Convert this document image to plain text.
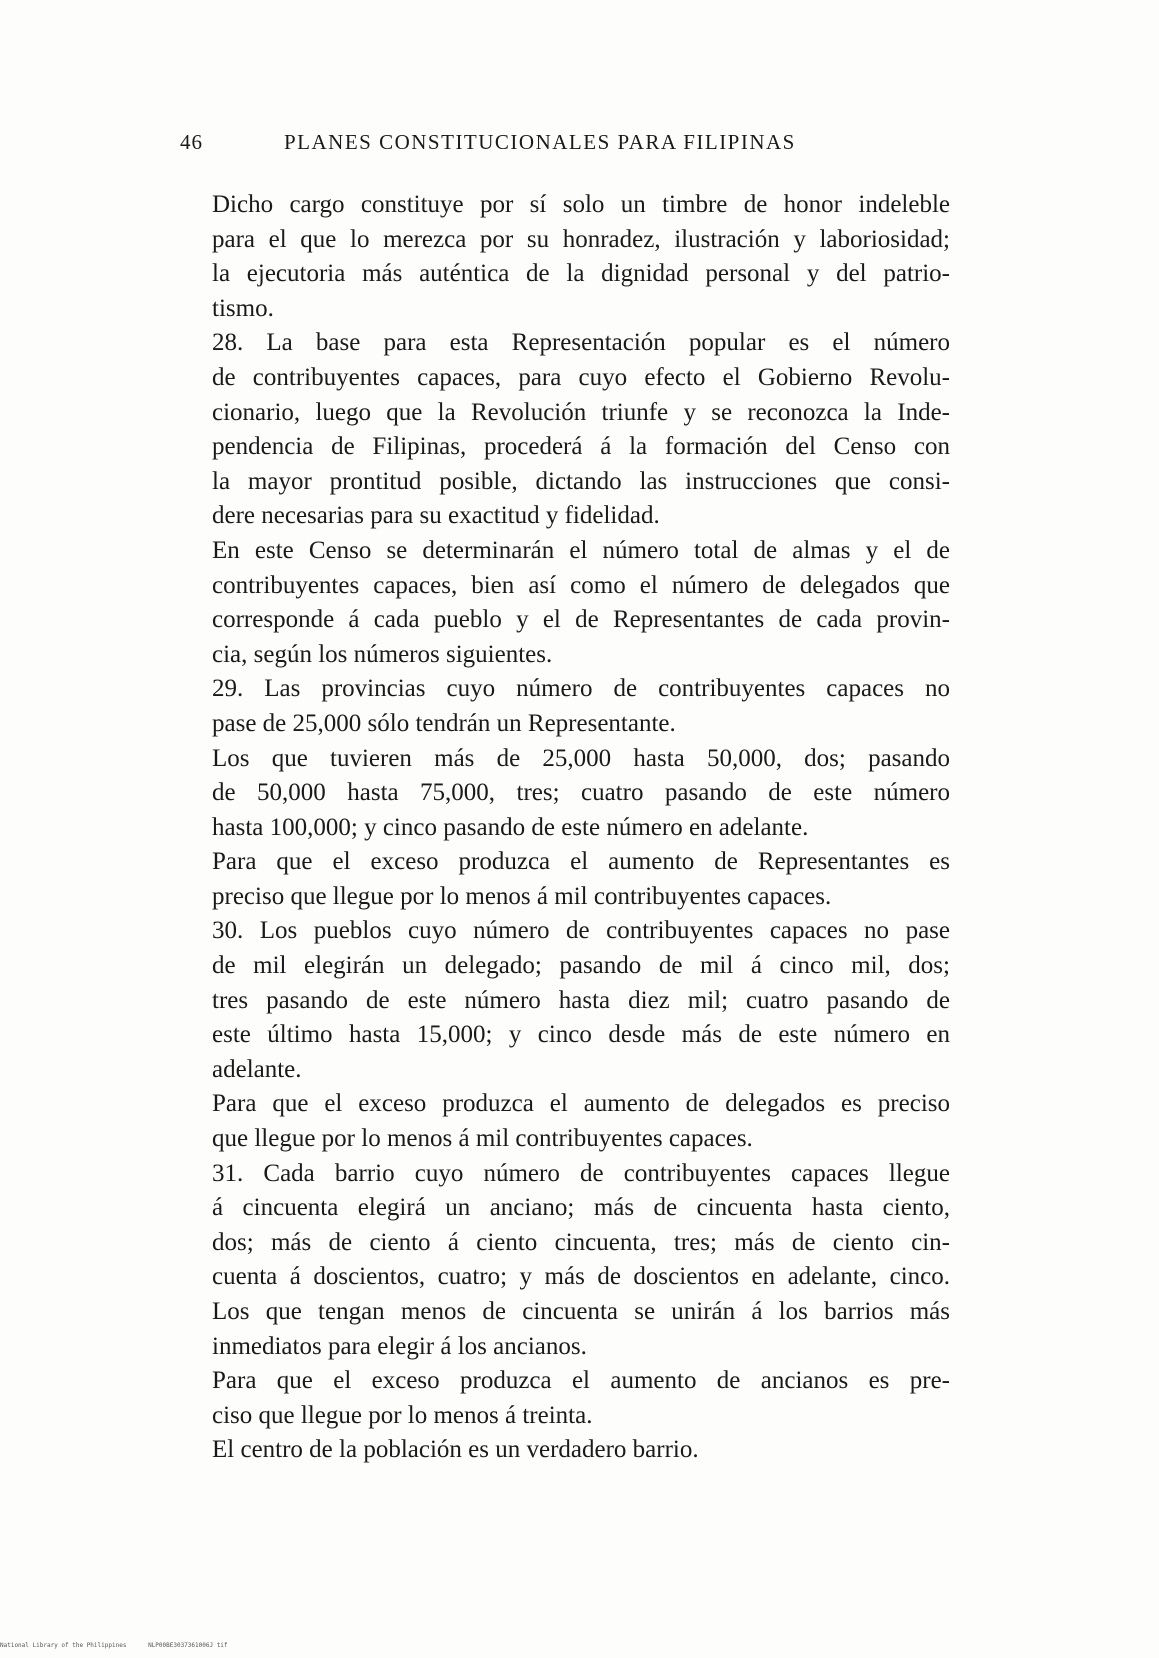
46	PLANES CONSTITUCIONALES PARA FILIPINAS

Dicho cargo constituye por sí solo un timbre de honor indeleble
para el que lo merezca por su honradez, ilustración y laboriosidad;
la ejecutoria más auténtica de la dignidad personal y del patrio-
tismo.

28. La base para esta Representación popular es el número
de contribuyentes capaces, para cuyo efecto el Gobierno Revolu-
cionario, luego que la Revolución triunfe y se reconozca la Inde-
pendencia de Filipinas, procederá á la formación del Censo con
la mayor prontitud posible, dictando las instrucciones que consi-
dere necesarias para su exactitud y fidelidad.

En este Censo se determinarán el número total de almas y el de
contribuyentes capaces, bien así como el número de delegados que
corresponde á cada pueblo y el de Representantes de cada provin-
cia, según los números siguientes.

29. Las provincias cuyo número de contribuyentes capaces no
pase de 25,000 sólo tendrán un Representante.

Los que tuvieren más de 25,000 hasta 50,000, dos; pasando
de 50,000 hasta 75,000, tres; cuatro pasando de este número
hasta 100,000; y cinco pasando de este número en adelante.

Para que el exceso produzca el aumento de Representantes es
preciso que llegue por lo menos á mil contribuyentes capaces.

30. Los pueblos cuyo número de contribuyentes capaces no pase
de mil elegirán un delegado; pasando de mil á cinco mil, dos;
tres pasando de este número hasta diez mil; cuatro pasando de
este último hasta 15,000; y cinco desde más de este número en
adelante.

Para que el exceso produzca el aumento de delegados es preciso
que llegue por lo menos á mil contribuyentes capaces.

31. Cada barrio cuyo número de contribuyentes capaces llegue
á cincuenta elegirá un anciano; más de cincuenta hasta ciento,
dos; más de ciento á ciento cincuenta, tres; más de ciento cin-
cuenta á doscientos, cuatro; y más de doscientos en adelante, cinco.

Los que tengan menos de cincuenta se unirán á los barrios más
inmediatos para elegir á los ancianos.

Para que el exceso produzca el aumento de ancianos es pre-
ciso que llegue por lo menos á treinta.

El centro de la población es un verdadero barrio.

National Library of the Philippines	NLP00BE3037361006J tif
